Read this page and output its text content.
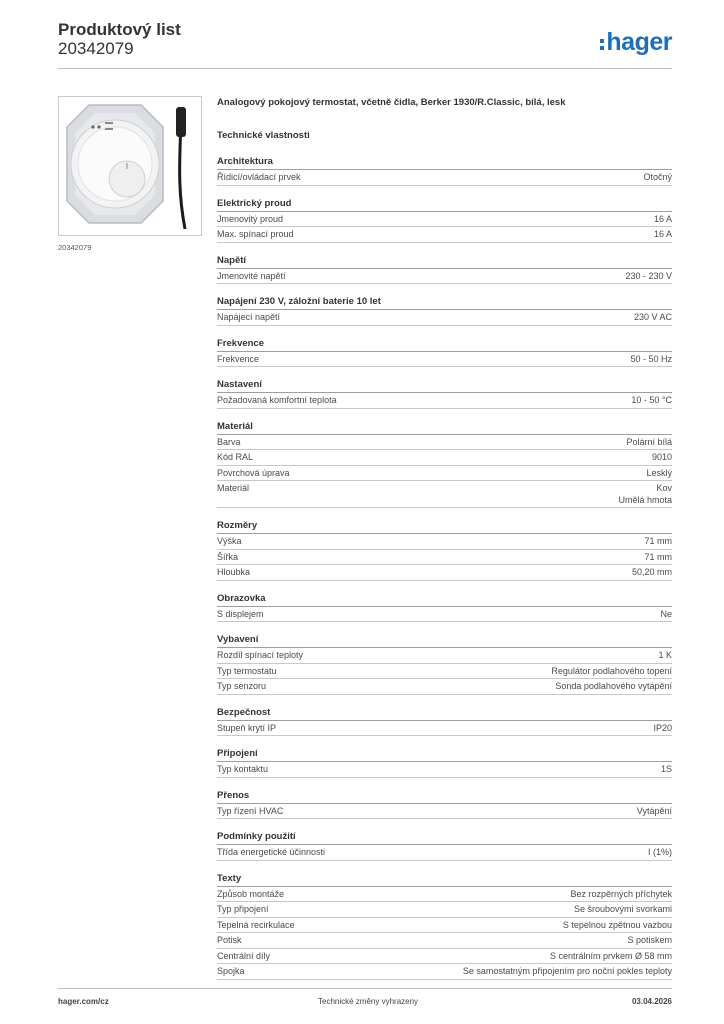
Produktový list
20342079	hager
20342079
Analogový pokojový termostat, včetně čidla, Berker 1930/R.Classic, bílá, lesk
Technické vlastnosti
Architektura
Řídicí/ovládací prvek	Otočný
Elektrický proud
Jmenovitý proud	16 A
Max. spínací proud	16 A
Napětí
Jmenovité napětí	230 - 230 V
Napájení 230 V, záložní baterie 10 let
Napájecí napětí	230 V AC
Frekvence
Frekvence	50 - 50 Hz
Nastavení
Požadovaná komfortní teplota	10 - 50 °C
Materiál
Barva	Polární bílá
Kód RAL	9010
Povrchová úprava	Lesklý
Materiál	Kov
Umělá hmota
Rozměry
Výška	71 mm
Šířka	71 mm
Hloubka	50,20 mm
Obrazovka
S displejem	Ne
Vybavení
Rozdíl spínací teploty	1 K
Typ termostatu	Regulátor podlahového topení
Typ senzoru	Sonda podlahového vytápění
Bezpečnost
Stupeň krytí IP	IP20
Připojení
Typ kontaktu	1S
Přenos
Typ řízení HVAC	Vytápění
Podmínky použití
Třída energetické účinnosti	I (1%)
Texty
Způsob montáže	Bez rozpěrných příchytek
Typ připojení	Se šroubovými svorkami
Tepelná recirkulace	S tepelnou zpětnou vazbou
Potisk	S potiskem
Centrální díly	S centrálním prvkem Ø 58 mm
Spojka	Se samostatným připojením pro noční pokles teploty
hager.com/cz	Technické změny vyhrazeny	03.04.2026
